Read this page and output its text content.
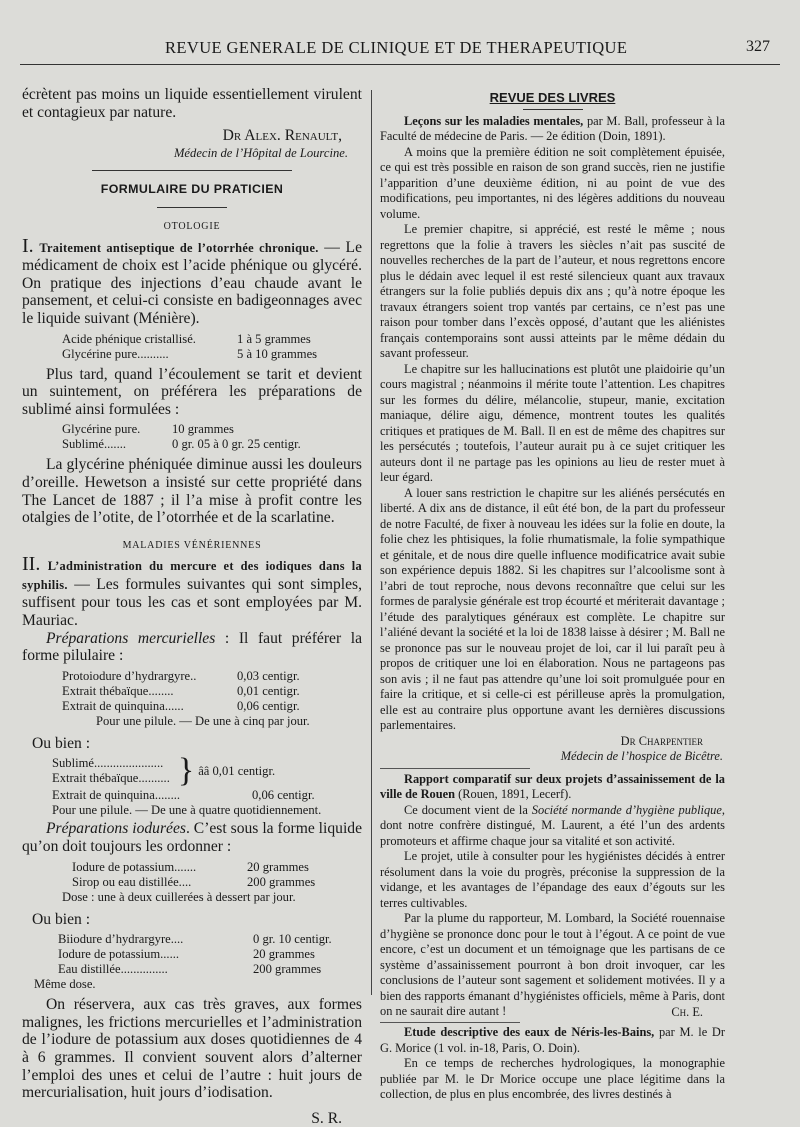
REVUE GENERALE DE CLINIQUE ET DE THERAPEUTIQUE	327

écrètent pas moins un liquide essentiellement virulent et contagieux par nature.

Dr Alex. Renault,

Médecin de l’Hôpital de Lourcine.

FORMULAIRE DU PRATICIEN
OTOLOGIE

I. Traitement antiseptique de l’otorrhée chronique. — Le médicament de choix est l’acide phénique ou glycéré. On pratique des injections d’eau chaude avant le pansement, et celui-ci consiste en badigeonnages avec le liquide suivant (Ménière).

Acide phénique cristallisé.	1 à 5 grammes
Glycérine pure..........	5 à 10 grammes

Plus tard, quand l’écoulement se tarit et devient un suintement, on préférera les préparations de sublimé ainsi formulées :

Glycérine pure.	10 grammes
Sublimé.......	0 gr. 05 à 0 gr. 25 centigr.

La glycérine phéniquée diminue aussi les douleurs d’oreille. Hewetson a insisté sur cette propriété dans The Lancet de 1887 ; il l’a mise à profit contre les otalgies de l’otite, de l’otorrhée et de la scarlatine.

MALADIES VÉNÉRIENNES

II. L’administration du mercure et des iodiques dans la syphilis. — Les formules suivantes qui sont simples, suffisent pour tous les cas et sont employées par M. Mauriac.

Préparations mercurielles : Il faut préférer la forme pilulaire :

Protoiodure d’hydrargyre..	0,03 centigr.
Extrait thébaïque........	0,01 centigr.
Extrait de quinquina......	0,06 centigr.
Pour une pilule. — De une à cinq par jour.

Ou bien :

Sublimé......................
Extrait thébaïque.......... } ââ 0,01 centigr.
Extrait de quinquina........	0,06 centigr.
Pour une pilule. — De une à quatre quotidiennement.

Préparations iodurées. C’est sous la forme liquide qu’on doit toujours les ordonner :

Iodure de potassium.......	20 grammes
Sirop ou eau distillée....	200 grammes
Dose : une à deux cuillerées à dessert par jour.

Ou bien :

Biiodure d’hydrargyre....	0 gr. 10 centigr.
Iodure de potassium......	20 grammes
Eau distillée...............	200 grammes
Même dose.

On réservera, aux cas très graves, aux formes malignes, les frictions mercurielles et l’administration de l’iodure de potassium aux doses quotidiennes de 4 à 6 grammes. Il convient souvent alors d’alterner l’emploi des unes et celui de l’autre : huit jours de mercurialisation, huit jours d’iodisation.

S. R.

REVUE DES LIVRES

Leçons sur les maladies mentales, par M. Ball, professeur à la Faculté de médecine de Paris. — 2e édition (Doin, 1891).

A moins que la première édition ne soit complètement épuisée, ce qui est très possible en raison de son grand succès, rien ne justifie l’apparition d’une deuxième édition, ni au point de vue des modifications, peu importantes, ni des légères additions du nouveau volume.

Le premier chapitre, si apprécié, est resté le même ; nous regrettons que la folie à travers les siècles n’ait pas suscité de nouvelles recherches de la part de l’auteur, et nous regrettons encore plus le dédain avec lequel il est resté silencieux quant aux travaux étrangers sur la folie publiés depuis dix ans ; qu’à notre époque les travaux étrangers soient trop vantés par certains, ce n’est pas une raison pour tomber dans l’excès opposé, d’autant que les aliénistes français contemporains sont aussi atteints par le même dédain du savant professeur.

Le chapitre sur les hallucinations est plutôt une plaidoirie qu’un cours magistral ; néanmoins il mérite toute l’attention. Les chapitres sur les formes du délire, mélancolie, stupeur, manie, excitation maniaque, délire aigu, démence, montrent toutes les qualités critiques et pratiques de M. Ball. Il en est de même des chapitres sur les persécutés ; toutefois, l’auteur aurait pu à ce sujet critiquer les auteurs dont il ne partage pas les opinions au lieu de rester muet à leur égard.

A louer sans restriction le chapitre sur les aliénés persécutés en liberté. A dix ans de distance, il eût été bon, de la part du professeur de notre Faculté, de fixer à nouveau les idées sur la folie en doute, la folie chez les phtisiques, la folie rhumatismale, la folie sympathique et génitale, et de nous dire quelle influence modificatrice avait subie son expérience depuis 1882. Si les chapitres sur l’alcoolisme sont à l’abri de tout reproche, nous devons reconnaître que celui sur les formes de paralysie générale est trop écourté et mériterait davantage ; l’étude des paralytiques généraux est complète. Le chapitre sur l’aliéné devant la société et la loi de 1838 laisse à désirer ; M. Ball ne se prononce pas sur le nouveau projet de loi, car il lui paraît peu à propos de critiquer une loi en élaboration. Nous ne partageons pas son avis ; il ne faut pas attendre qu’une loi soit promulguée pour en faire la critique, et si celle-ci est périlleuse après la promulgation, elle est au contraire plus opportune avant les dernières discussions parlementaires.

Dr Charpentier

Médecin de l’hospice de Bicêtre.

Rapport comparatif sur deux projets d’assainissement de la ville de Rouen (Rouen, 1891, Lecerf).

Ce document vient de la Société normande d’hygiène publique, dont notre confrère distingué, M. Laurent, a été l’un des ardents promoteurs et affirme chaque jour sa vitalité et son activité.

Le projet, utile à consulter pour les hygiénistes décidés à entrer résolument dans la voie du progrès, préconise la suppression de la vidange, et les avantages de l’épandage des eaux d’égouts sur les terres cultivables.

Par la plume du rapporteur, M. Lombard, la Société rouennaise d’hygiène se prononce donc pour le tout à l’égout. A ce point de vue encore, c’est un document et un témoignage que les partisans de ce système d’assainissement pourront à bon droit invoquer, car les conclusions de l’auteur sont sagement et solidement motivées. Il y a bien des rapports émanant d’hygiénistes officiels, même à Paris, dont on ne saurait dire autant !	Ch. E.

Etude descriptive des eaux de Néris-les-Bains, par M. le Dr G. Morice (1 vol. in-18, Paris, O. Doin).

En ce temps de recherches hydrologiques, la monographie publiée par M. le Dr Morice occupe une place légitime dans la collection, de plus en plus encombrée, des livres destinés à
